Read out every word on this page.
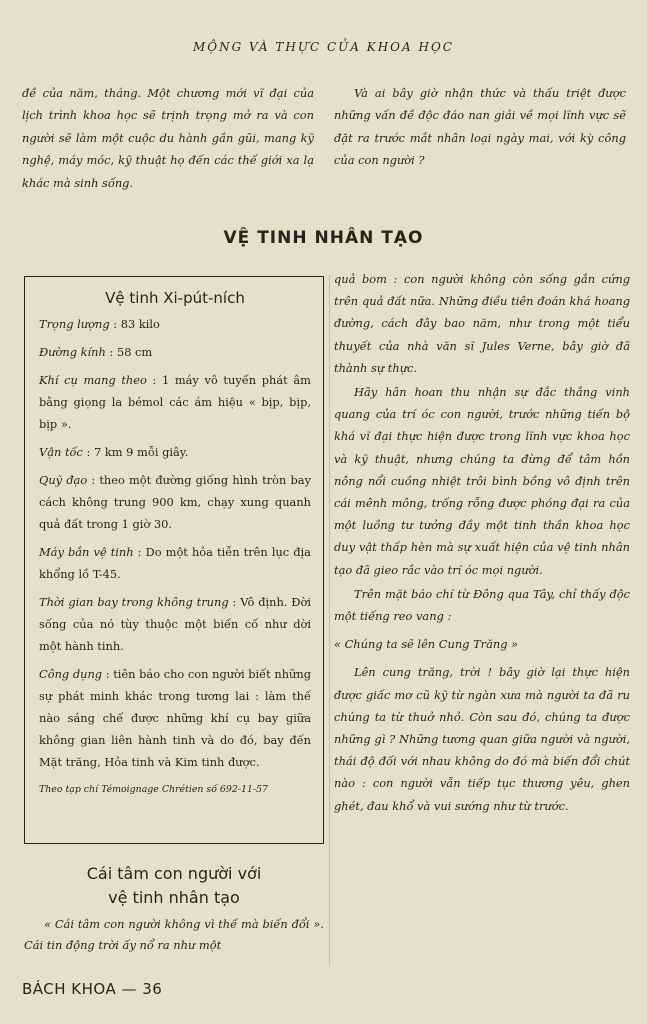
MỘNG VÀ THỰC CỦA KHOA HỌC

đề của năm, tháng. Một chương mới vĩ đại của lịch trình khoa học sẽ trịnh trọng mở ra và con người sẽ làm một cuộc du hành gần gũi, mang kỹ nghệ, máy móc, kỹ thuật họ đến các thế giới xa lạ khác mà sinh sống.

Và ai bây giờ nhận thức và thấu triệt được những vấn đề độc đáo nan giải về mọi lĩnh vực sẽ đặt ra trước mắt nhân loại ngày mai, với kỳ công của con người ?

VỆ TINH NHÂN TẠO
Vệ tinh Xi-pút-ních

Trọng lượng : 83 kilo

Đường kính : 58 cm

Khí cụ mang theo : 1 máy vô tuyến phát âm bằng giọng la bémol các ám hiệu « bịp, bịp, bịp ».

Vận tốc : 7 km 9 mỗi giây.

Quỹ đạo : theo một đường giống hình tròn bay cách không trung 900 km, chạy xung quanh quả đất trong 1 giờ 30.

Máy bắn vệ tinh : Do một hỏa tiễn trên lục địa khổng lồ T-45.

Thời gian bay trong không trung : Vô định. Đời sống của nó tùy thuộc một biến cố như dời một hành tinh.

Công dụng : tiên báo cho con người biết những sự phát minh khác trong tương lai : làm thế nào sáng chế được những khí cụ bay giữa không gian liên hành tinh và do đó, bay đến Mặt trăng, Hỏa tinh và Kim tinh được.

Theo tạp chí Témoignage Chrétien số 692-11-57

Cái tâm con người với
vệ tinh nhân tạo

« Cái tâm con người không vì thế mà biến đổi ». Cái tin động trời ấy nổ ra như một

quả bom : con người không còn sống gắn cứng trên quả đất nữa. Những điều tiên đoán khá hoang đường, cách đây bao năm, như trong một tiểu thuyết của nhà văn sĩ Jules Verne, bây giờ đã thành sự thực.

Hãy hân hoan thu nhận sự đắc thắng vinh quang của trí óc con người, trước những tiến bộ khá vĩ đại thực hiện được trong lĩnh vực khoa học và kỹ thuật, nhưng chúng ta đừng để tâm hồn nông nổi cuồng nhiệt trôi bình bồng vô định trên cái mênh mông, trống rỗng được phóng đại ra của một luồng tư tưởng đầy một tinh thần khoa học duy vật thấp hèn mà sự xuất hiện của vệ tinh nhân tạo đã gieo rắc vào trí óc mọi người.

Trên mặt báo chí từ Đông qua Tây, chỉ thấy độc một tiếng reo vang :

« Chúng ta sẽ lên Cung Trăng »

Lên cung trăng, trời ! bây giờ lại thực hiện được giấc mơ cũ kỹ từ ngàn xưa mà người ta đã ru chúng ta từ thuở nhỏ. Còn sau đó, chúng ta được những gì ? Những tương quan giữa người và người, thái độ đối với nhau không do đó mà biến đổi chút nào : con người vẫn tiếp tục thương yêu, ghen ghét, đau khổ và vui sướng như từ trước.

BÁCH KHOA — 36
